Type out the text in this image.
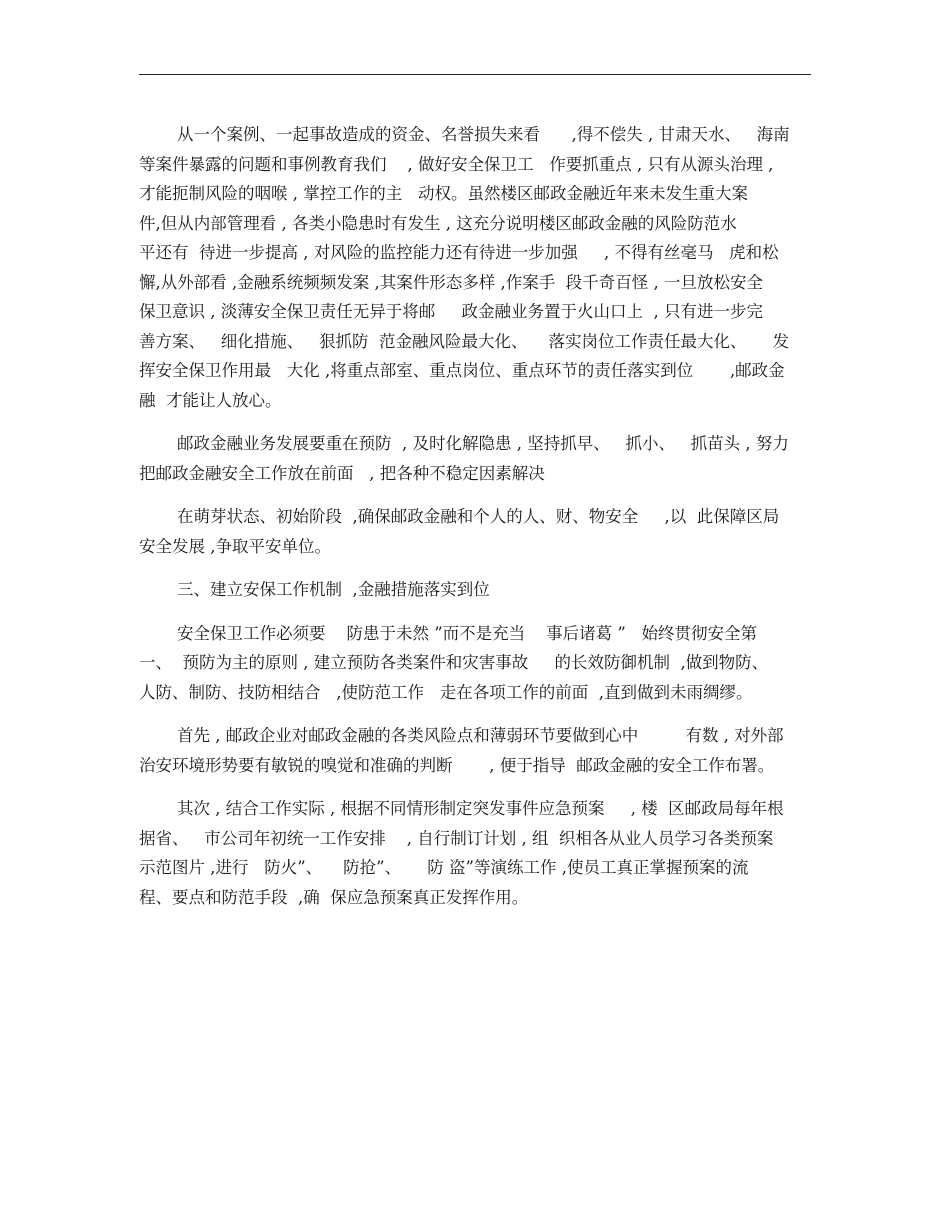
从一个案例、一起事故造成的资金、名誉损失来看      ,得不偿失 , 甘肃天水、   海南
等案件暴露的问题和事例教育我们    , 做好安全保卫工   作要抓重点 , 只有从源头治理 ,
才能扼制风险的咽喉 , 掌控工作的主   动权。虽然楼区邮政金融近年来未发生重大案
件,但从内部管理看 , 各类小隐患时有发生 , 这充分说明楼区邮政金融的风险防范水
平还有  待进一步提高 , 对风险的监控能力还有待进一步加强     , 不得有丝毫马   虎和松
懈,从外部看 ,金融系统频频发案 ,其案件形态多样 ,作案手  段千奇百怪 , 一旦放松安全
保卫意识 , 淡薄安全保卫责任无异于将邮     政金融业务置于火山口上  , 只有进一步完
善方案、   细化措施、   狠抓防  范金融风险最大化、    落实岗位工作责任最大化、     发
挥安全保卫作用最   大化 ,将重点部室、重点岗位、重点环节的责任落实到位       ,邮政金
融  才能让人放心。

邮政金融业务发展要重在预防  , 及时化解隐患 , 坚持抓早、   抓小、   抓苗头 , 努力
把邮政金融安全工作放在前面   , 把各种不稳定因素解决

在萌芽状态、初始阶段  ,确保邮政金融和个人的人、财、物安全     ,以  此保障区局
安全发展 ,争取平安单位。

三、建立安保工作机制  ,金融措施落实到位

安全保卫工作必须要    防患于未然 ”而不是充当    事后诸葛 ”   始终贯彻安全第
一、  预防为主的原则 , 建立预防各类案件和灾害事故     的长效防御机制  ,做到物防、
人防、制防、技防相结合   ,使防范工作   走在各项工作的前面  ,直到做到未雨绸缪。

首先 , 邮政企业对邮政金融的各类风险点和薄弱环节要做到心中         有数 , 对外部
治安环境形势要有敏锐的嗅觉和准确的判断       , 便于指导  邮政金融的安全工作布署。

其次 , 结合工作实际 , 根据不同情形制定突发事件应急预案     , 楼  区邮政局每年根
据省、   市公司年初统一工作安排    , 自行制订计划 , 组  织相各从业人员学习各类预案
示范图片 ,进行   防火”、    防抢”、     防 盗”等演练工作 ,使员工真正掌握预案的流
程、要点和防范手段  ,确  保应急预案真正发挥作用。
